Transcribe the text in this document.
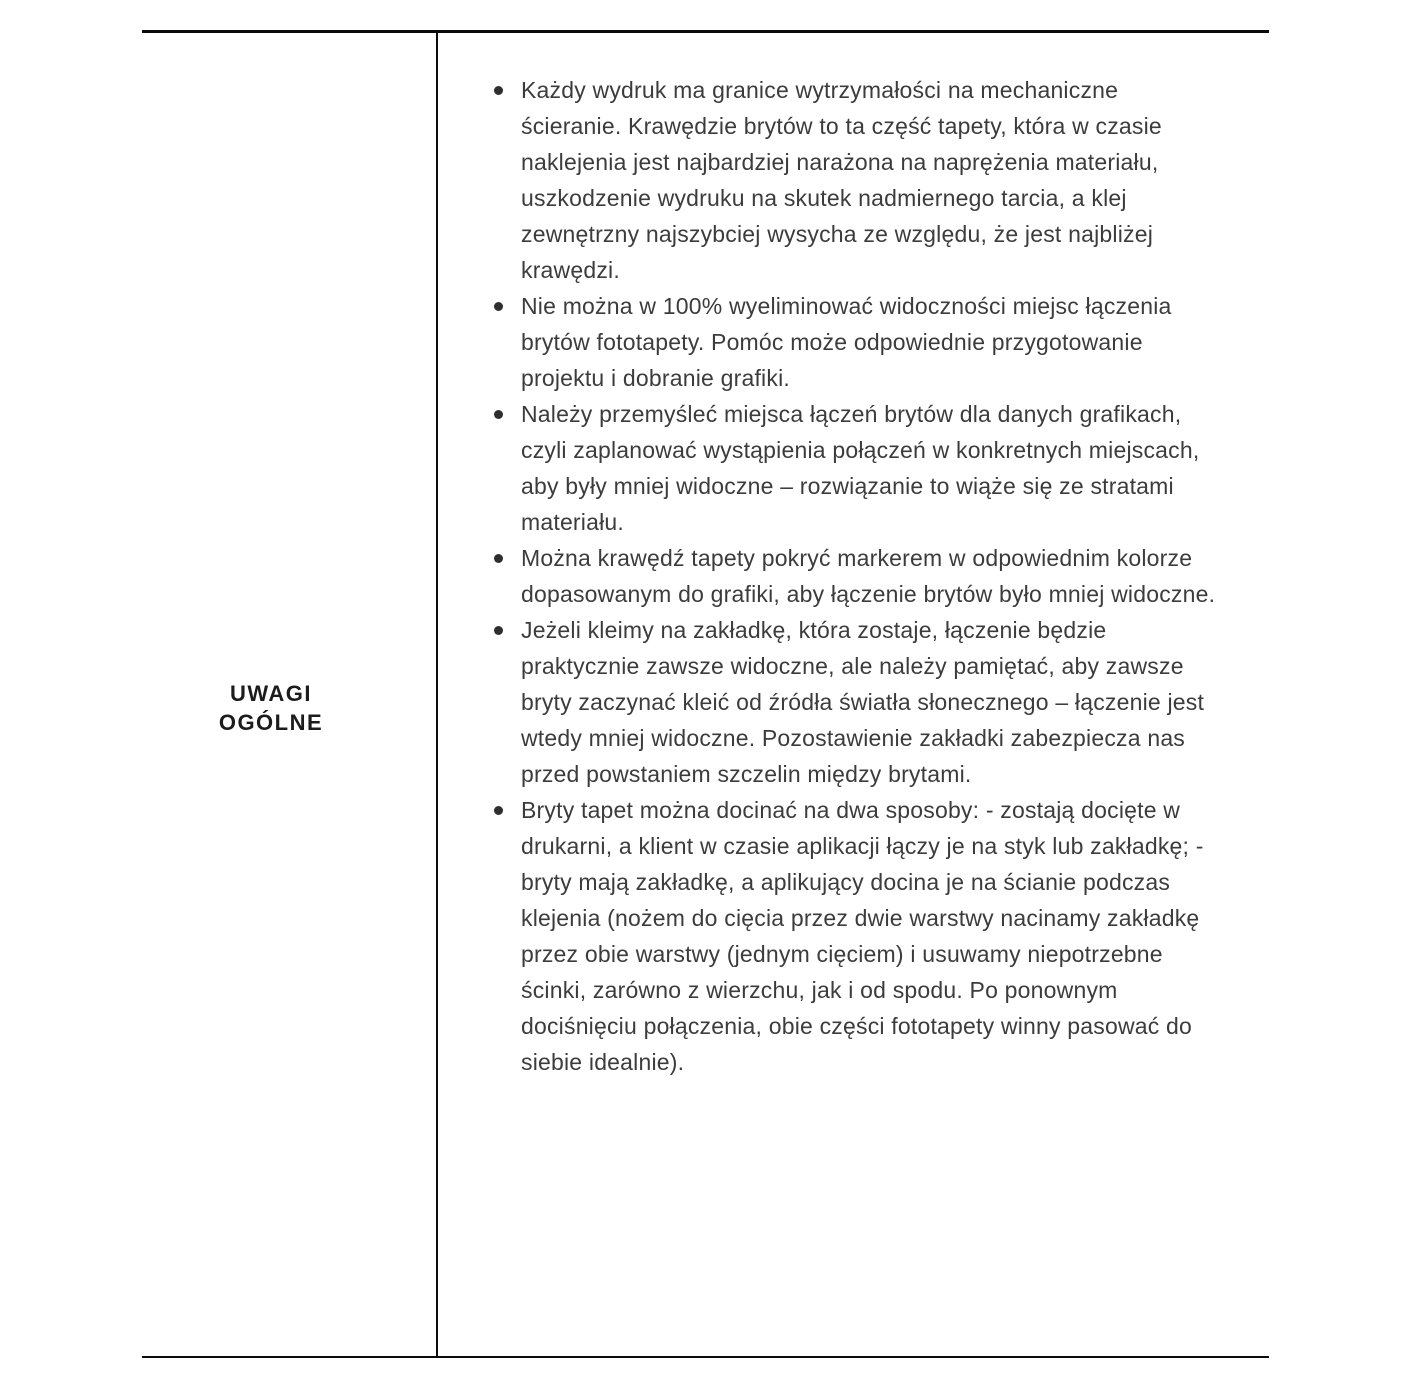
UWAGI
OGÓLNE
Każdy wydruk ma granice wytrzymałości na mechaniczne ścieranie. Krawędzie brytów to ta część tapety, która w czasie naklejenia jest najbardziej narażona na naprężenia materiału, uszkodzenie wydruku na skutek nadmiernego tarcia, a klej zewnętrzny najszybciej wysycha ze względu, że jest najbliżej krawędzi.
Nie można w 100% wyeliminować widoczności miejsc łączenia brytów fototapety. Pomóc może odpowiednie przygotowanie projektu i dobranie grafiki.
Należy przemyśleć miejsca łączeń brytów dla danych grafikach, czyli zaplanować wystąpienia połączeń w konkretnych miejscach, aby były mniej widoczne – rozwiązanie to wiąże się ze stratami materiału.
Można krawędź tapety pokryć markerem w odpowiednim kolorze dopasowanym do grafiki, aby łączenie brytów było mniej widoczne.
Jeżeli kleimy na zakładkę, która zostaje, łączenie będzie praktycznie zawsze widoczne, ale należy pamiętać, aby zawsze bryty zaczynać kleić od źródła światła słonecznego – łączenie jest wtedy mniej widoczne. Pozostawienie zakładki zabezpiecza nas przed powstaniem szczelin między brytami.
Bryty tapet można docinać na dwa sposoby: - zostają docięte w drukarni, a klient w czasie aplikacji łączy je na styk lub zakładkę; - bryty mają zakładkę, a aplikujący docina je na ścianie podczas klejenia (nożem do cięcia przez dwie warstwy nacinamy zakładkę przez obie warstwy (jednym cięciem) i usuwamy niepotrzebne ścinki, zarówno z wierzchu, jak i od spodu. Po ponownym dociśnięciu połączenia, obie części fototapety winny pasować do siebie idealnie).
